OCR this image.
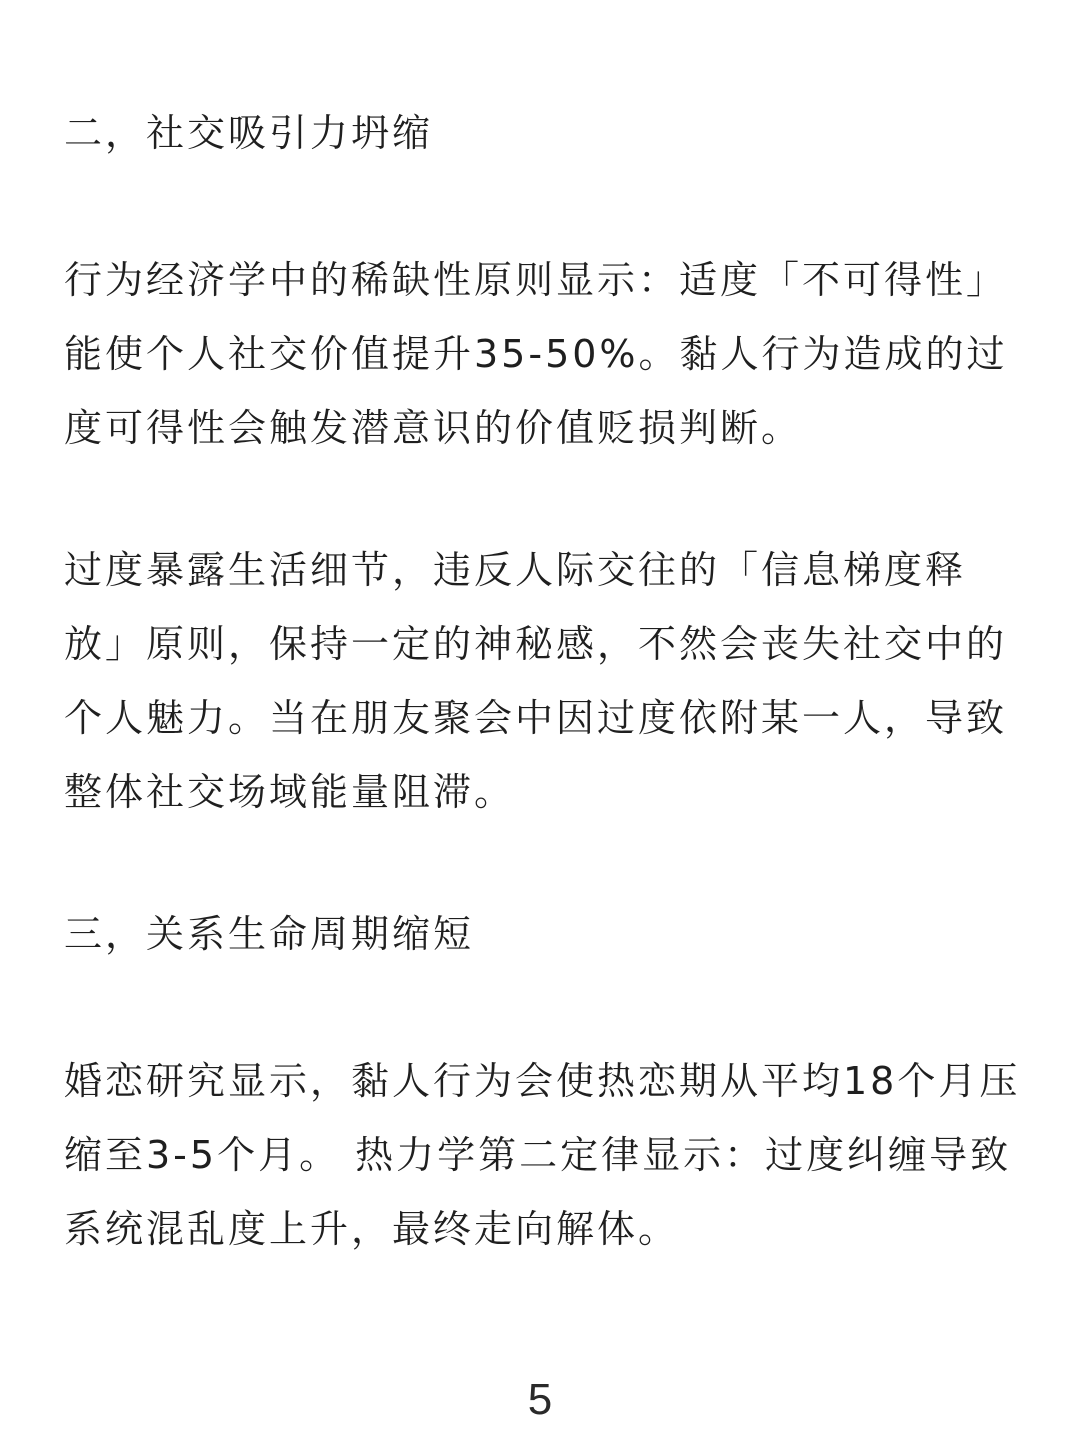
二，社交吸引力坍缩
行为经济学中的稀缺性原则显示：适度「不可得性」
能使个人社交价值提升35-50%。黏人行为造成的过
度可得性会触发潜意识的价值贬损判断。
过度暴露生活细节，违反人际交往的「信息梯度释
放」原则，保持一定的神秘感，不然会丧失社交中的
个人魅力。当在朋友聚会中因过度依附某一人，导致
整体社交场域能量阻滞。
三，关系生命周期缩短
婚恋研究显示，黏人行为会使热恋期从平均18个月压
缩至3-5个月。 热力学第二定律显示：过度纠缠导致
系统混乱度上升，最终走向解体。
5
